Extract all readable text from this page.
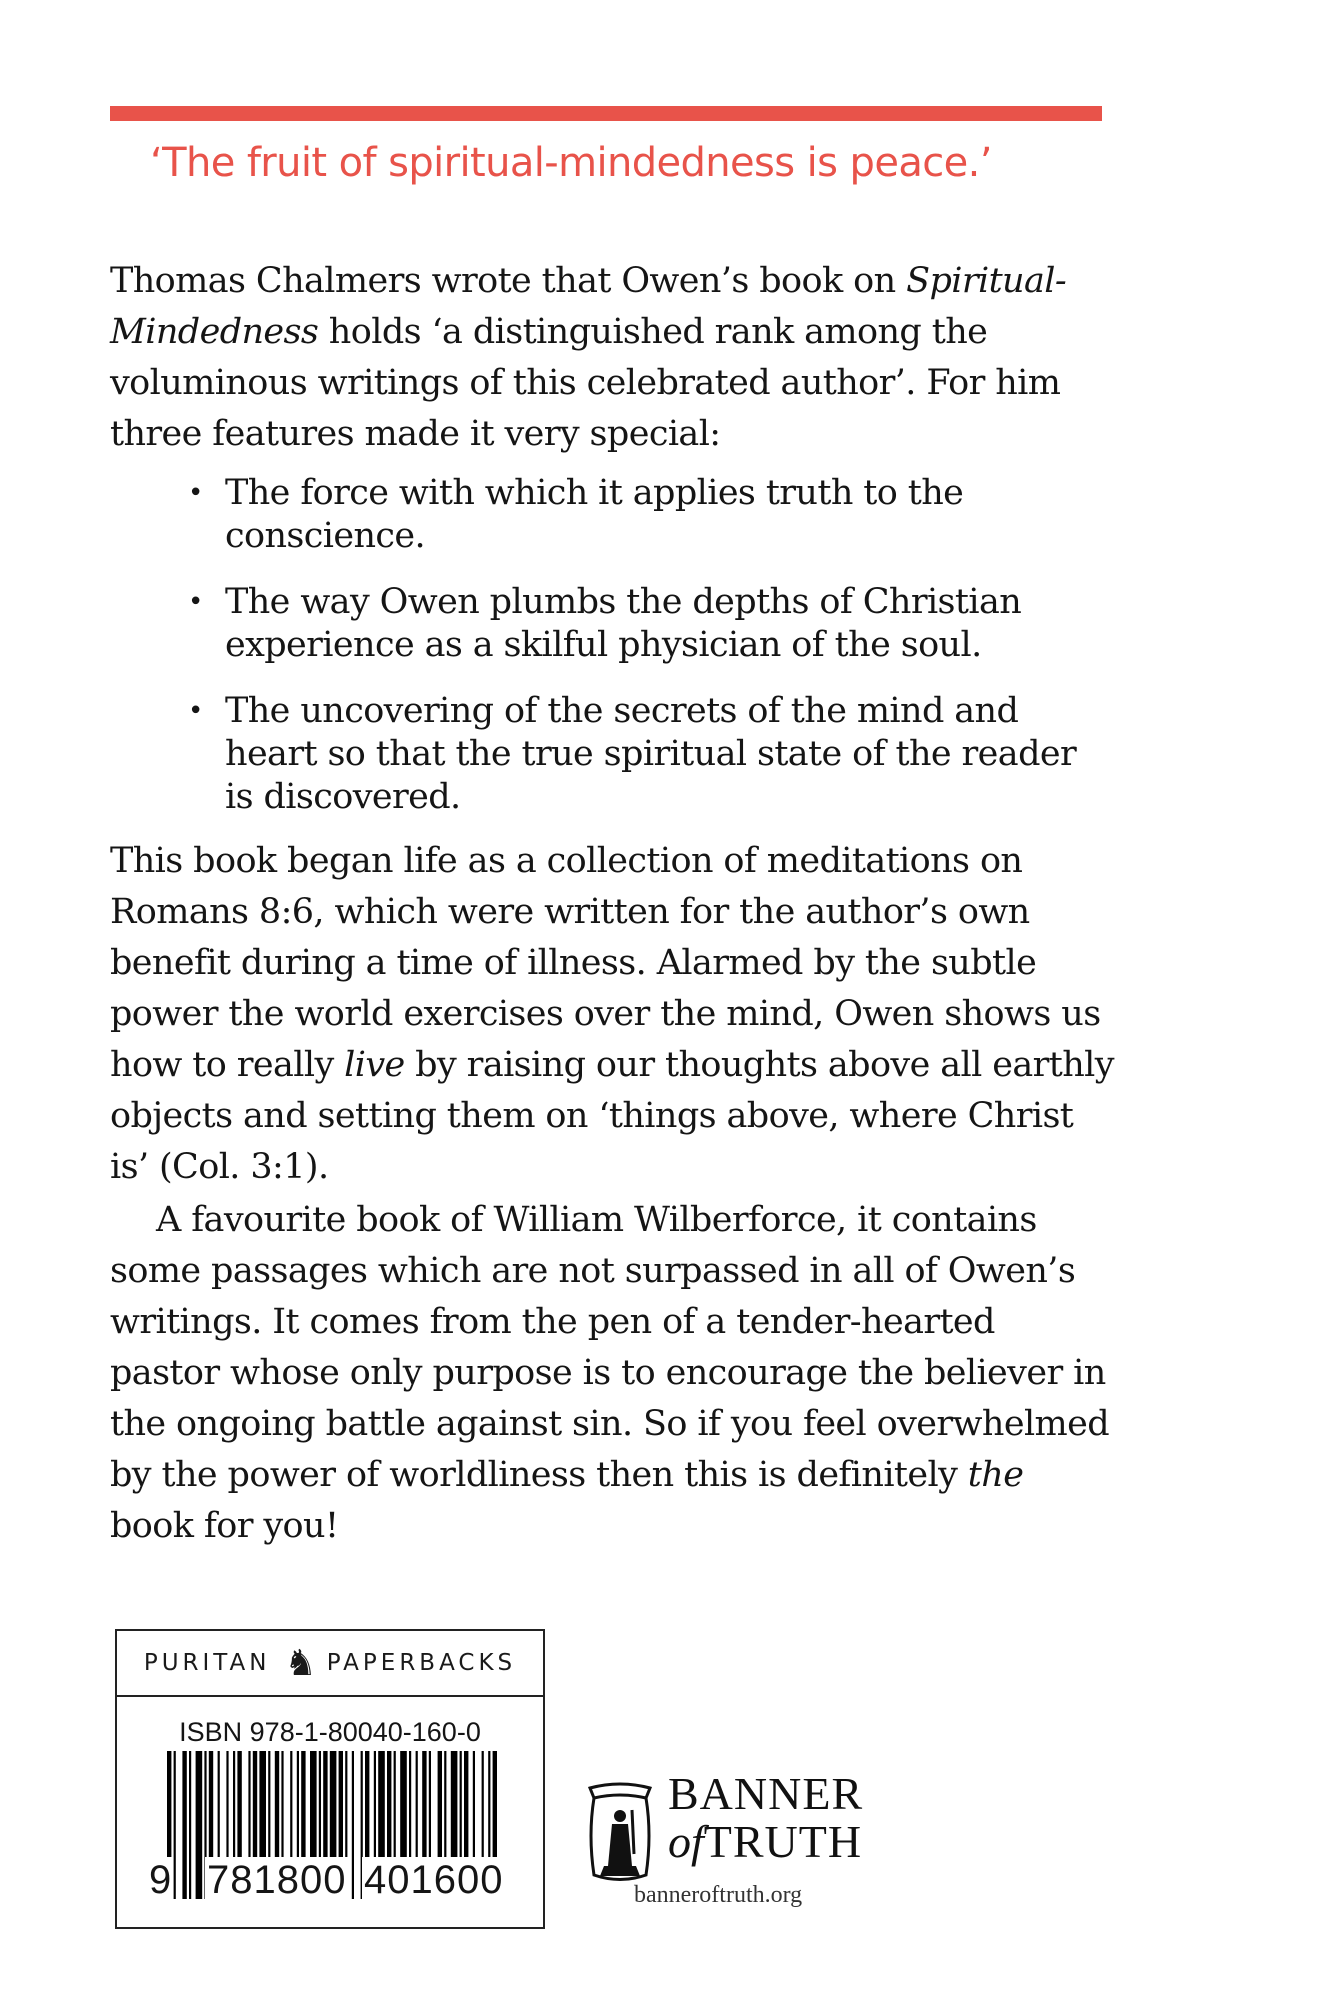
‘The fruit of spiritual-mindedness is peace.’

Thomas Chalmers wrote that Owen’s book on Spiritual-
Mindedness holds ‘a distinguished rank among the
voluminous writings of this celebrated author’. For him
three features made it very special:

• The force with which it applies truth to the
conscience.
• The way Owen plumbs the depths of Christian
experience as a skilful physician of the soul.
• The uncovering of the secrets of the mind and
heart so that the true spiritual state of the reader
is discovered.

This book began life as a collection of meditations on
Romans 8:6, which were written for the author’s own
benefit during a time of illness. Alarmed by the subtle
power the world exercises over the mind, Owen shows us
how to really live by raising our thoughts above all earthly
objects and setting them on ‘things above, where Christ
is’ (Col. 3:1).

A favourite book of William Wilberforce, it contains
some passages which are not surpassed in all of Owen’s
writings. It comes from the pen of a tender-hearted
pastor whose only purpose is to encourage the believer in
the ongoing battle against sin. So if you feel overwhelmed
by the power of worldliness then this is definitely the
book for you!

PURITAN ♞ PAPERBACKS
ISBN 978-1-80040-160-0
9 781800 401600
BANNER
ofTRUTH
banneroftruth.org
